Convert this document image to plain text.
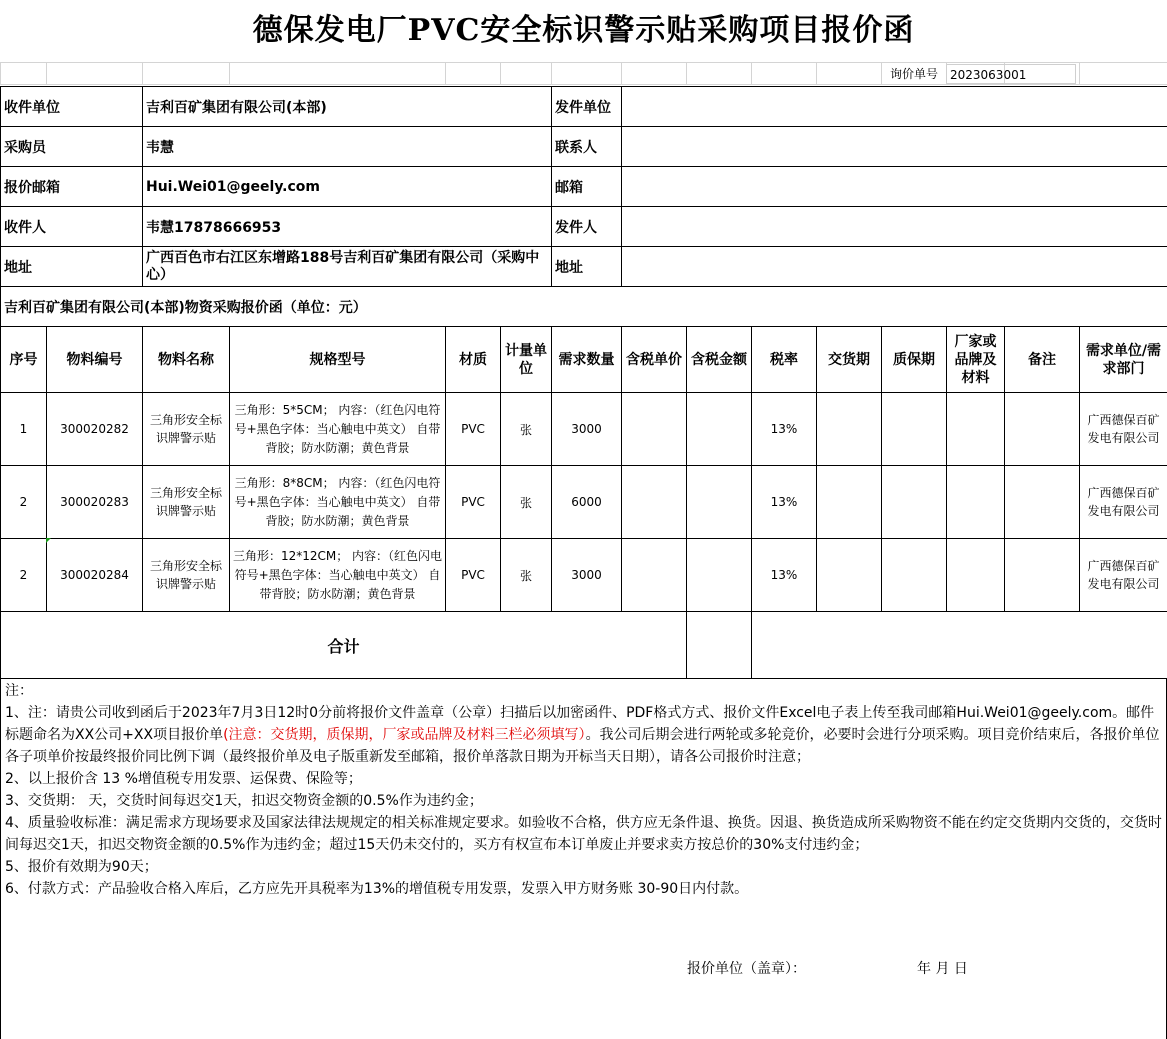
德保发电厂PVC安全标识警示贴采购项目报价函

询价单号 2023063001
收件单位	吉利百矿集团有限公司(本部)	发件单位	
采购员	韦慧	联系人	
报价邮箱	Hui.Wei01@geely.com	邮箱	
收件人	韦慧17878666953	发件人	
地址	广西百色市右江区东增路188号吉利百矿集团有限公司（采购中心）	地址	
吉利百矿集团有限公司(本部)物资采购报价函（单位：元）			
序号	物料编号	物料名称	规格型号	材质	计量单位	需求数量	含税单价	含税金额	税率	交货期	质保期	厂家或品牌及材料	备注	需求单位/需求部门
1	300020282	三角形安全标识牌警示贴	三角形：5*5CM； 内容：（红色闪电符号+黑色字体：当心触电中英文） 自带背胶；防水防潮；黄色背景	PVC	张	3000			13%					广西德保百矿发电有限公司
2	300020283	三角形安全标识牌警示贴	三角形：8*8CM； 内容：（红色闪电符号+黑色字体：当心触电中英文） 自带背胶；防水防潮；黄色背景	PVC	张	6000			13%					广西德保百矿发电有限公司
2	300020284	三角形安全标识牌警示贴	三角形：12*12CM； 内容：（红色闪电符号+黑色字体：当心触电中英文） 自带背胶；防水防潮；黄色背景	PVC	张	3000			13%					广西德保百矿发电有限公司
合计		
注：
1、注：请贵公司收到函后于2023年7月3日12时0分前将报价文件盖章（公章）扫描后以加密函件、PDF格式方式、报价文件Excel电子表上传至我司邮箱Hui.Wei01@geely.com。邮件标题命名为XX公司+XX项目报价单(注意：交货期，质保期，厂家或品牌及材料三栏必须填写）。我公司后期会进行两轮或多轮竞价，必要时会进行分项采购。项目竞价结束后，各报价单位各子项单价按最终报价同比例下调（最终报价单及电子版重新发至邮箱，报价单落款日期为开标当天日期），请各公司报价时注意；
2、以上报价含 13 %增值税专用发票、运保费、保险等；
3、交货期： 天，交货时间每迟交1天，扣迟交物资金额的0.5%作为违约金；
4、质量验收标准：满足需求方现场要求及国家法律法规规定的相关标准规定要求。如验收不合格，供方应无条件退、换货。因退、换货造成所采购物资不能在约定交货期内交货的，交货时间每迟交1天，扣迟交物资金额的0.5%作为违约金；超过15天仍未交付的，买方有权宣布本订单废止并要求卖方按总价的30%支付违约金；
5、报价有效期为90天；
6、付款方式：产品验收合格入库后，乙方应先开具税率为13%的增值税专用发票，发票入甲方财务账 30-90日内付款。
报价单位（盖章）：	年 月 日
